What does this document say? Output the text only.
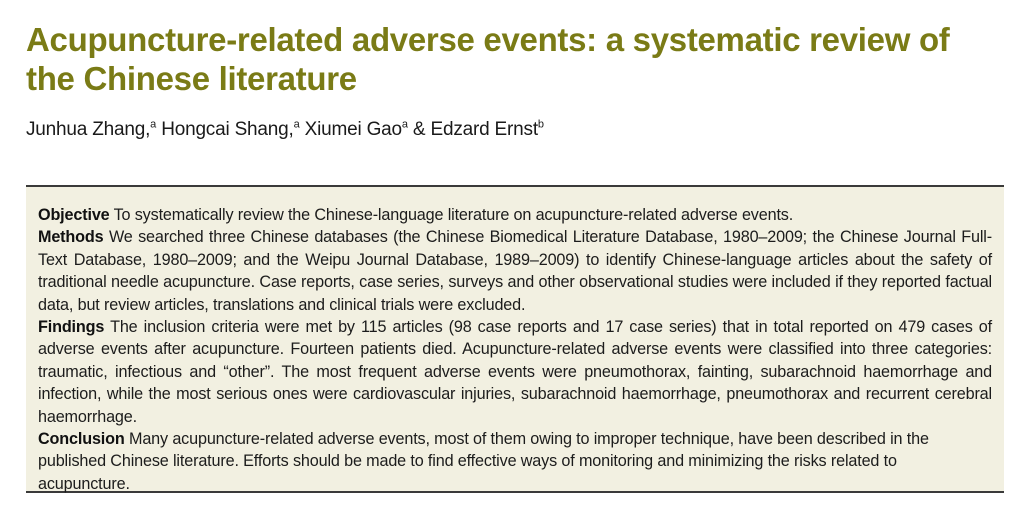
Acupuncture-related adverse events: a systematic review of the Chinese literature
Junhua Zhang,$^a$ Hongcai Shang,$^a$ Xiumei Gao$^a$ & Edzard Ernst$^b$

Objective To systematically review the Chinese-language literature on acupuncture-related adverse events.

Methods We searched three Chinese databases (the Chinese Biomedical Literature Database, 1980–2009; the Chinese Journal Full-Text Database, 1980–2009; and the Weipu Journal Database, 1989–2009) to identify Chinese-language articles about the safety of traditional needle acupuncture. Case reports, case series, surveys and other observational studies were included if they reported factual data, but review articles, translations and clinical trials were excluded.

Findings The inclusion criteria were met by 115 articles (98 case reports and 17 case series) that in total reported on 479 cases of adverse events after acupuncture. Fourteen patients died. Acupuncture-related adverse events were classified into three categories: traumatic, infectious and “other”. The most frequent adverse events were pneumothorax, fainting, subarachnoid haemorrhage and infection, while the most serious ones were cardiovascular injuries, subarachnoid haemorrhage, pneumothorax and recurrent cerebral haemorrhage.

Conclusion Many acupuncture-related adverse events, most of them owing to improper technique, have been described in the published Chinese literature. Efforts should be made to find effective ways of monitoring and minimizing the risks related to acupuncture.
